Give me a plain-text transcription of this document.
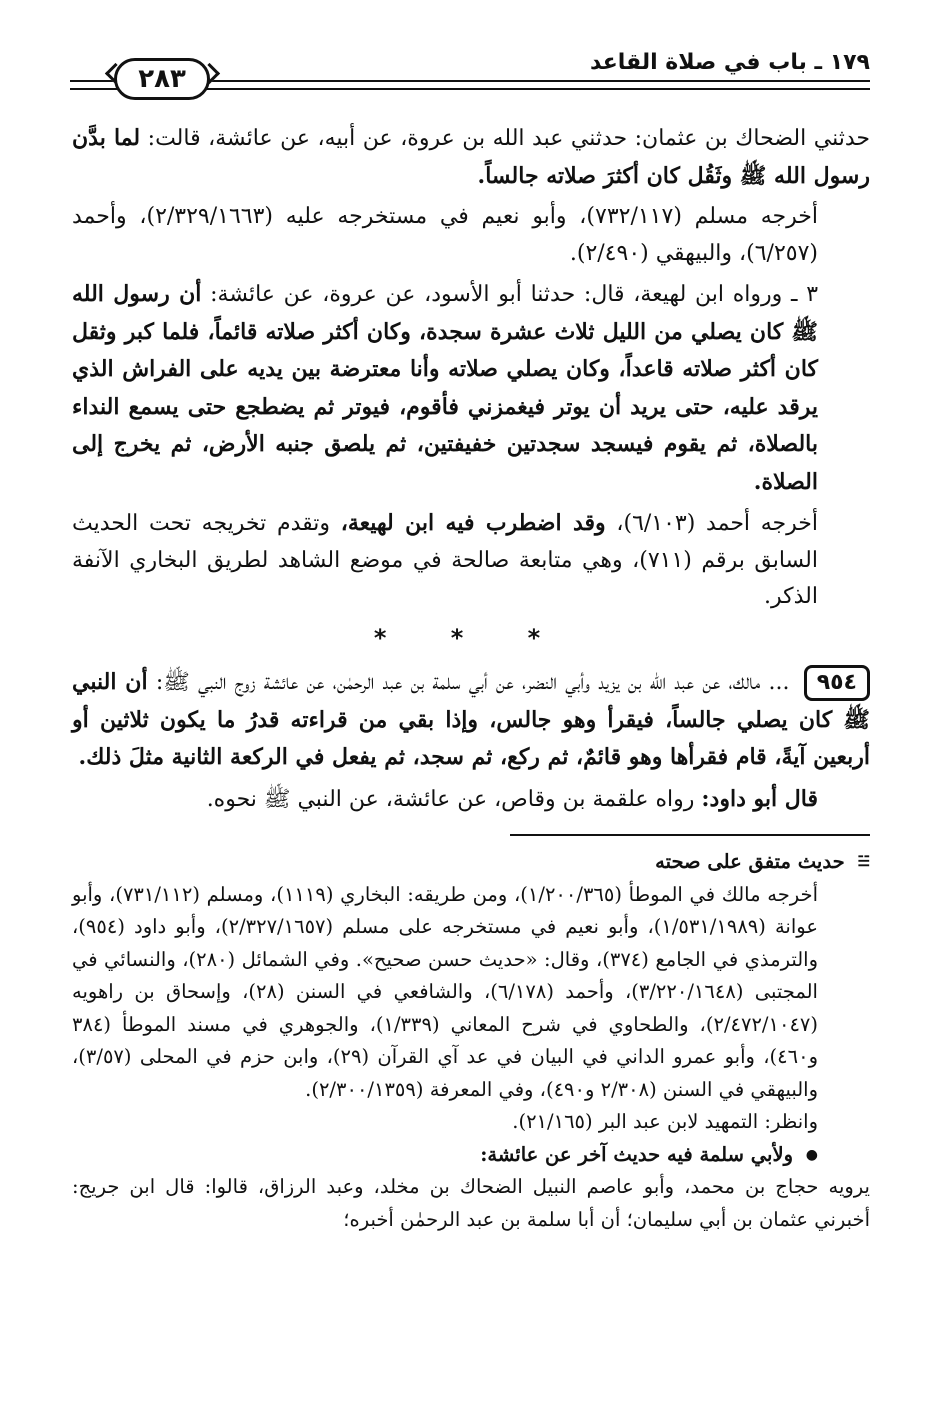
٢٨٣
١٧٩ ـ باب في صلاة القاعد

حدثني الضحاك بن عثمان: حدثني عبد الله بن عروة، عن أبيه، عن عائشة، قالت: لما بدَّن رسول الله ﷺ وثَقُل كان أكثرَ صلاته جالساً.

أخرجه مسلم (٧٣٢/١١٧)، وأبو نعيم في مستخرجه عليه (٢/٣٢٩/١٦٦٣)، وأحمد (٦/٢٥٧)، والبيهقي (٢/٤٩٠).

٣ ـ ورواه ابن لهيعة، قال: حدثنا أبو الأسود، عن عروة، عن عائشة: أن رسول الله ﷺ كان يصلي من الليل ثلاث عشرة سجدة، وكان أكثر صلاته قائماً، فلما كبر وثقل كان أكثر صلاته قاعداً، وكان يصلي صلاته وأنا معترضة بين يديه على الفراش الذي يرقد عليه، حتى يريد أن يوتر فيغمزني فأقوم، فيوتر ثم يضطجع حتى يسمع النداء بالصلاة، ثم يقوم فيسجد سجدتين خفيفتين، ثم يلصق جنبه الأرض، ثم يخرج إلى الصلاة.

أخرجه أحمد (٦/١٠٣)، وقد اضطرب فيه ابن لهيعة، وتقدم تخريجه تحت الحديث السابق برقم (٧١١)، وهي متابعة صالحة في موضع الشاهد لطريق البخاري الآنفة الذكر.

* * *

٩٥٤ ... مالك، عن عبد الله بن يزيد وأبي النضر، عن أبي سلمة بن عبد الرحمٰن، عن عائشة زوج النبي ﷺ: أن النبي ﷺ كان يصلي جالساً، فيقرأ وهو جالس، وإذا بقي من قراءته قدرُ ما يكون ثلاثين أو أربعين آيةً، قام فقرأها وهو قائمٌ، ثم ركع، ثم سجد، ثم يفعل في الركعة الثانية مثلَ ذلك.

قال أبو داود: رواه علقمة بن وقاص، عن عائشة، عن النبي ﷺ نحوه.

☱ حديث متفق على صحته

أخرجه مالك في الموطأ (١/٢٠٠/٣٦٥)، ومن طريقه: البخاري (١١١٩)، ومسلم (٧٣١/١١٢)، وأبو عوانة (١/٥٣١/١٩٨٩)، وأبو نعيم في مستخرجه على مسلم (٢/٣٢٧/١٦٥٧)، وأبو داود (٩٥٤)، والترمذي في الجامع (٣٧٤)، وقال: «حديث حسن صحيح». وفي الشمائل (٢٨٠)، والنسائي في المجتبى (٣/٢٢٠/١٦٤٨)، وأحمد (٦/١٧٨)، والشافعي في السنن (٢٨)، وإسحاق بن راهويه (٢/٤٧٢/١٠٤٧)، والطحاوي في شرح المعاني (١/٣٣٩)، والجوهري في مسند الموطأ (٣٨٤ و٤٦٠)، وأبو عمرو الداني في البيان في عد آي القرآن (٢٩)، وابن حزم في المحلى (٣/٥٧)، والبيهقي في السنن (٢/٣٠٨ و٤٩٠)، وفي المعرفة (٢/٣٠٠/١٣٥٩).

وانظر: التمهيد لابن عبد البر (٢١/١٦٥).

● ولأبي سلمة فيه حديث آخر عن عائشة:

يرويه حجاج بن محمد، وأبو عاصم النبيل الضحاك بن مخلد، وعبد الرزاق، قالوا: قال ابن جريج: أخبرني عثمان بن أبي سليمان؛ أن أبا سلمة بن عبد الرحمٰن أخبره؛
